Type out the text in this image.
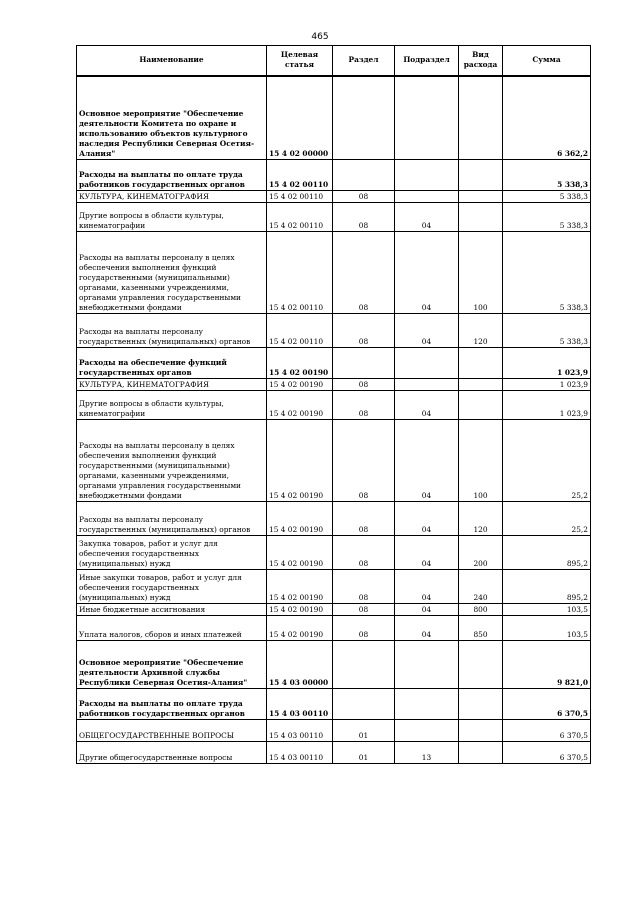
465
Наименование	Целевая статья	Раздел	Подраздел	Вид расхода	Сумма
Основное мероприятие "Обеспечение деятельности Комитета по охране и использованию объектов культурного наследия Республики Северная Осетия-Алания"	15 4 02 00000				6 362,2
Расходы на выплаты по оплате труда работников государственных органов	15 4 02 00110				5 338,3
КУЛЬТУРА, КИНЕМАТОГРАФИЯ	15 4 02 00110	08			5 338,3
Другие вопросы в области культуры, кинематографии	15 4 02 00110	08	04		5 338,3
Расходы на выплаты персоналу в целях обеспечения выполнения функций государственными (муниципальными) органами, казенными учреждениями, органами управления государственными внебюджетными фондами	15 4 02 00110	08	04	100	5 338,3
Расходы на выплаты персоналу государственных (муниципальных) органов	15 4 02 00110	08	04	120	5 338,3
Расходы на обеспечение функций государственных органов	15 4 02 00190				1 023,9
КУЛЬТУРА, КИНЕМАТОГРАФИЯ	15 4 02 00190	08			1 023,9
Другие вопросы в области культуры, кинематографии	15 4 02 00190	08	04		1 023,9
Расходы на выплаты персоналу в целях обеспечения выполнения функций государственными (муниципальными) органами, казенными учреждениями, органами управления государственными внебюджетными фондами	15 4 02 00190	08	04	100	25,2
Расходы на выплаты персоналу государственных (муниципальных) органов	15 4 02 00190	08	04	120	25,2
Закупка товаров, работ и услуг для обеспечения государственных (муниципальных) нужд	15 4 02 00190	08	04	200	895,2
Иные закупки товаров, работ и услуг для обеспечения государственных (муниципальных) нужд	15 4 02 00190	08	04	240	895,2
Иные бюджетные ассигнования	15 4 02 00190	08	04	800	103,5

Уплата налогов, сборов и иных платежей	15 4 02 00190	08	04	850	103,5
Основное мероприятие "Обеспечение деятельности Архивной службы Республики Северная Осетия-Алания"	15 4 03 00000				9 821,0
Расходы на выплаты по оплате труда работников государственных органов	15 4 03 00110				6 370,5
ОБЩЕГОСУДАРСТВЕННЫЕ ВОПРОСЫ	15 4 03 00110	01			6 370,5

Другие общегосударственные вопросы	15 4 03 00110	01	13		6 370,5
